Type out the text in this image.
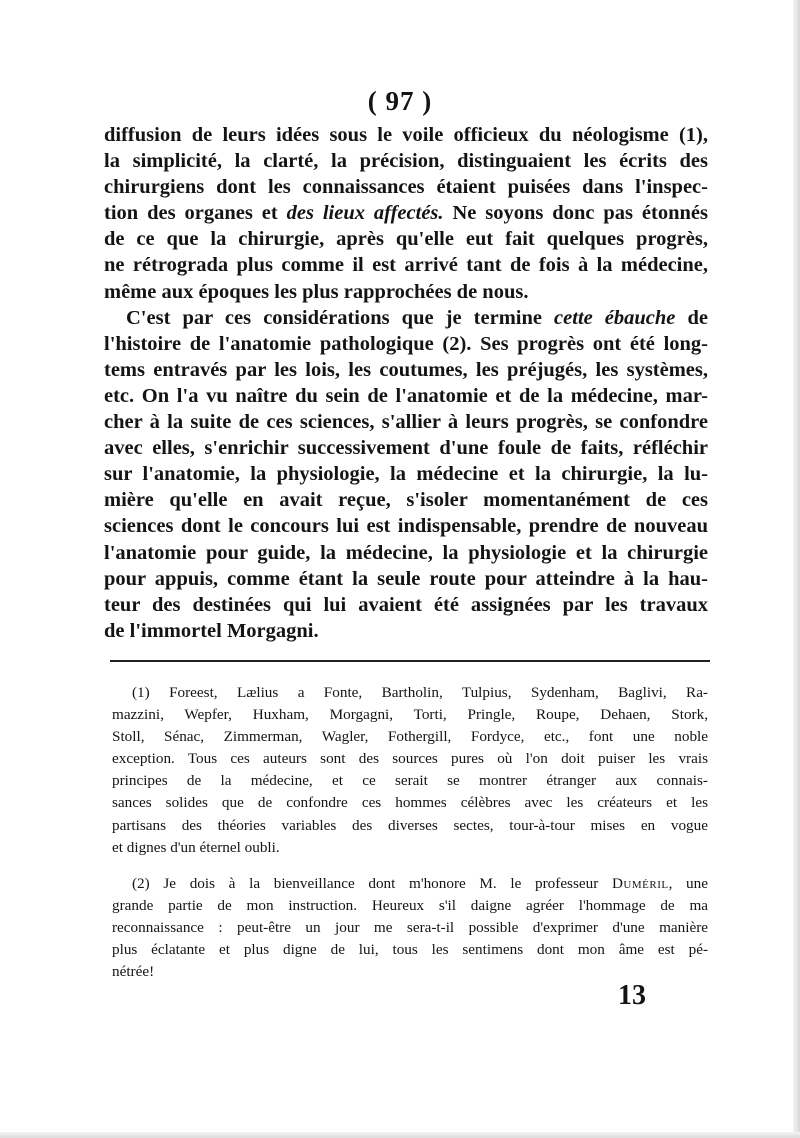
( 97 )
diffusion de leurs idées sous le voile officieux du néologisme (1),
la simplicité, la clarté, la précision, distinguaient les écrits des
chirurgiens dont les connaissances étaient puisées dans l'inspec-
tion des organes et des lieux affectés. Ne soyons donc pas étonnés
de ce que la chirurgie, après qu'elle eut fait quelques progrès,
ne rétrograda plus comme il est arrivé tant de fois à la médecine,
même aux époques les plus rapprochées de nous.
C'est par ces considérations que je termine cette ébauche de
l'histoire de l'anatomie pathologique (2). Ses progrès ont été long-
tems entravés par les lois, les coutumes, les préjugés, les systèmes,
etc. On l'a vu naître du sein de l'anatomie et de la médecine, mar-
cher à la suite de ces sciences, s'allier à leurs progrès, se confondre
avec elles, s'enrichir successivement d'une foule de faits, réfléchir
sur l'anatomie, la physiologie, la médecine et la chirurgie, la lu-
mière qu'elle en avait reçue, s'isoler momentanément de ces
sciences dont le concours lui est indispensable, prendre de nouveau
l'anatomie pour guide, la médecine, la physiologie et la chirurgie
pour appuis, comme étant la seule route pour atteindre à la hau-
teur des destinées qui lui avaient été assignées par les travaux
de l'immortel Morgagni.
(1) Foreest, Lælius a Fonte, Bartholin, Tulpius, Sydenham, Baglivi, Ra-
mazzini, Wepfer, Huxham, Morgagni, Torti, Pringle, Roupe, Dehaen, Stork,
Stoll, Sénac, Zimmerman, Wagler, Fothergill, Fordyce, etc., font une noble
exception. Tous ces auteurs sont des sources pures où l'on doit puiser les vrais
principes de la médecine, et ce serait se montrer étranger aux connais-
sances solides que de confondre ces hommes célèbres avec les créateurs et les
partisans des théories variables des diverses sectes, tour-à-tour mises en vogue
et dignes d'un éternel oubli.
(2) Je dois à la bienveillance dont m'honore M. le professeur Duméril, une
grande partie de mon instruction. Heureux s'il daigne agréer l'hommage de ma
reconnaissance : peut-être un jour me sera-t-il possible d'exprimer d'une manière
plus éclatante et plus digne de lui, tous les sentimens dont mon âme est pé-
nétrée!
13
